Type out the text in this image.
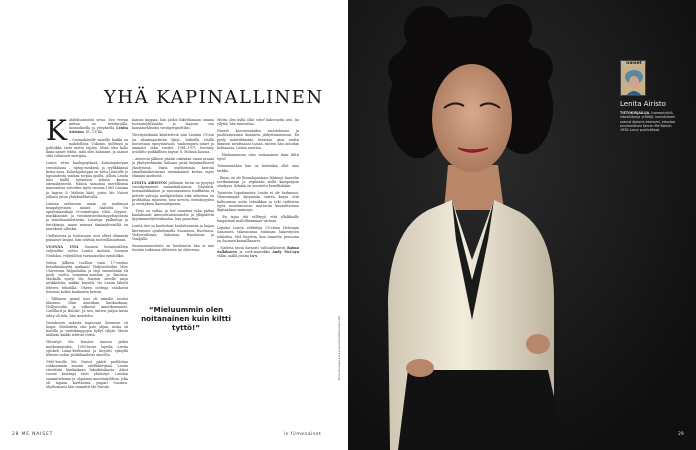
YHÄ KAPINALLINEN

Kahdeksantoista sivua. Sen verran mittaa on tietokirjalla, luonnoksella ja yrityksellä Lenita Airiston, 81, CV:llä.

– Suomalaiselle naiselle kaikki on mahdollista. Uskonto, kulttuuri ja politiikka eivät mettä rajoita. Minä olen koko ikäni naiset tehtiä, mitä olen halunnut, ja saanut siitä valtavasti energiaa.

Lenita istuu kaalispöytänsä Kalastajatorpan ravintolassa – tiptop-meikissä ja tyylikkäässä kotoa asua. Kalastajatorppa on tuttu Lenitalle jo lapsuudesta vanhan torpan ajoilta, jolloin Lenita kävi täällä syömässä äitinsä kanssa omenakyntestä. Näissä samoissa merellisissä maisemissa vietettiin myös vuonna 1961 Lenitan ja Ingvar S. Melinin häät, joista Me Naiset julkaisi jutun yhdeksälläsivulla.

Lenitan mittavaan uraan on mahtunut bengalyyttinen määrä häätöitä. On opiatomaatikaja tv-toimittajan töitä. Myynti-, markkinointi- ja viestintäviestintäopettajutusta ja maailmankiertueita. Luentoja, palkintoja ja tietokirjoja, muun muassa tämänyhteisöllä on juureksen olleeksi.

Urellaisessa ja tiedossaan ovat olleet elämästä puinaiset langat, hän selittää tuottelläisuuttaan.

VUONNA 1954 Suomen hotaisivalliten veljesilitto valitsi Lenita Airiston Suomen Neidoksi, veljesilliton varsinaiseksi symboliksi.

Voiton jälkeen tuollion vaiin 17-vuotias brändäämisyttä maikanti Yhdysvaltoihin Miss Universum -kilpailuihin ja vieji ennenlitään eli puoli vuotta toimintaa-maahan ja ilmoissa. Matkalla syntyi Me Naisten siivelle sarja artikkeleita, makke kirjoitti. Ne Lenita lähetti lehteen tekstiillä. Oheen otettuja valokuvat lisäsivat kolme kuukautta kerran.

– Tällainen grand tour oli minulle suurisi tilaisuus. Näin Amerikan kuitkaukaan, Hollywoodin ja valkovat amerikannaiset, Cadillacit ja Buickit. Ja sen, mitten paljon käsin tehty oli tötä, hän muistelee.

Vastaksiota sodasta toipuvaan Suomeen oli huipu. Mediatieta otin pole ohjaa, ruoka oli kortilla ja vaatekauppojen hyllyt tyhjät. Matta iäältään kaikki tehtiviä töistä.

Yhteistyö Me Naisten kanssa jatkui myöhemminkin. 1950-luvun lopulla Lenita opiskeli Lääni-Berliinissä ja kirjoitti syksyllä lehteen sodan politiikaudesta alueelta.

1960-luvulla Me Naiset päätti profiloitua rohkeammin muotin edelläkävijänä. Lenita värvättiin kuukinkaan lukuikitsikasta. Aihot vuosia kestänyt tävis yhteistyö. Lenitan suunnittelemia ja ohjaamia muotinäytöksia, joka oli tapaan kiertävänä ympäri Suomen. Myöhemmin hän suunnitti Me Naisiin

kanssa kuppaa, hän jatkoi liikeitlamaan omana tuotantoyhtiönään ja laajensi sen kansainväliseksi viestipergioittiksi.

Yhteityöelämää käsitteleviä niin Lenitan CV:ssä on silmäinpistävän lyhyt. Vaikeilla etsillä luovuttaan syntymävuosi, vanhempien nimet ja ammatit sekä vuodet 1961–1971 leeväiny avioliitto poikkillisen Ingvar S. Melinin kanssa.

– Avioeron jälkeen päätin rakentaa oman uraani ja yksityiselämäni haluaan pitää kirjaimellisesti yksityisenä. Vasta myöhemmin kerroin omaelämäkerturani ensimmäistä kertaa myös elämäni miehestä.

LENITA AIRISTON juhlinnin luvun on pysynyt vuosikymmenet samankaltaisena. Näyttävä, tummatukkainen ja suorasanainen tradfinnen ei pettele vahvoja mielipiteitään eikä aiheensa on profiloiitaa ruposten, taso urveen, itsenäisyyden ja sivistyksen kanssaitajuaan.

– Tieto on valtaa, ja low anaattaa raha paltaa kuulaksaatt Aineosittaisiemiselta ja ylläpidettä kyyntammilyhteiskuntaa, hän painottaa.

Lenita itse on kouluttaut kouluttaunsaa ja laajan kiertutusta opiskelemalla Suomessa, Ruotsissa, Yhdysvalloissa, Saksassa, Ranskassa ja Venäjällä.

Suomanaisuudesto on huolimatta hän ei näe itseään tutkiossa elilteesta tai eliitevena.

Mutta olen kyllä ollut rebel kaksvuotta asti. Ini yllyttä, hän tunnustaa.

Nuoret koeovennäiden ravistelutsaa ja puolitainvainen ihmisiivu järkyttämiseensä. En pysty määrittämään itsestäni. Aina uuden ihmisen tavattuaani to/aan, mitten hän antoihin kohtaansa, Lenita naurtaa.

– Mieluumminin olen noitanainen kuin kiltti tyttö!

Toteuminstään hän on kuitenkin ollut aina tarkka.

– Ilman on ole lhunulajaisisani lähtenyt hauvelin nortkamnaan ja regimään siellä kampanjoin säudyyni. Sekään on muutettu henefliokään.

Työnteon luputtamista Lenita ei ole harkinnut. Viimeisimpää kysymään vartea kasyn ottii kaltuuanuu uutta tekniikkaa ja teki vaihtavaa tyytä ruututaevasso muttuvaa kuuralitiotaan digitaalisen maxonyn.

– En tajua itäi vällityyä, että ellalkkoille hingattaan maltollinimman varhain.

Lopuksi Lenita välitäityä CV:stään Helsingin Sanomien takavasuina toiminan hänestyisen toikioksa. Sitä löyyttiin, kun tunnettu persoona on Suomen kansallisaarrs.

– Sjatteta tässä hienosti valtioalheisesti Raimo Sailakseen ja rock-muusikko Andy McCoyn väliin, mällä joutini ta-s

“Mieluummin olen noitanainen kuin kiltti tyttö!”	Kuva Kuvaaja Laura Vuoste/nikkarinaturisti
28 ME NAISET	is.fi/menaiset
naiset
Lenita Airisto
TIETOKIRJAILIJA, tuomariyhtiö, liikesiliitonja yrittäjä, koulutuksen saanut diplomi-ekonomi, edustaa ensimmäisen kerran Me Naisiin 1950-luvun puolivälissä.
29
